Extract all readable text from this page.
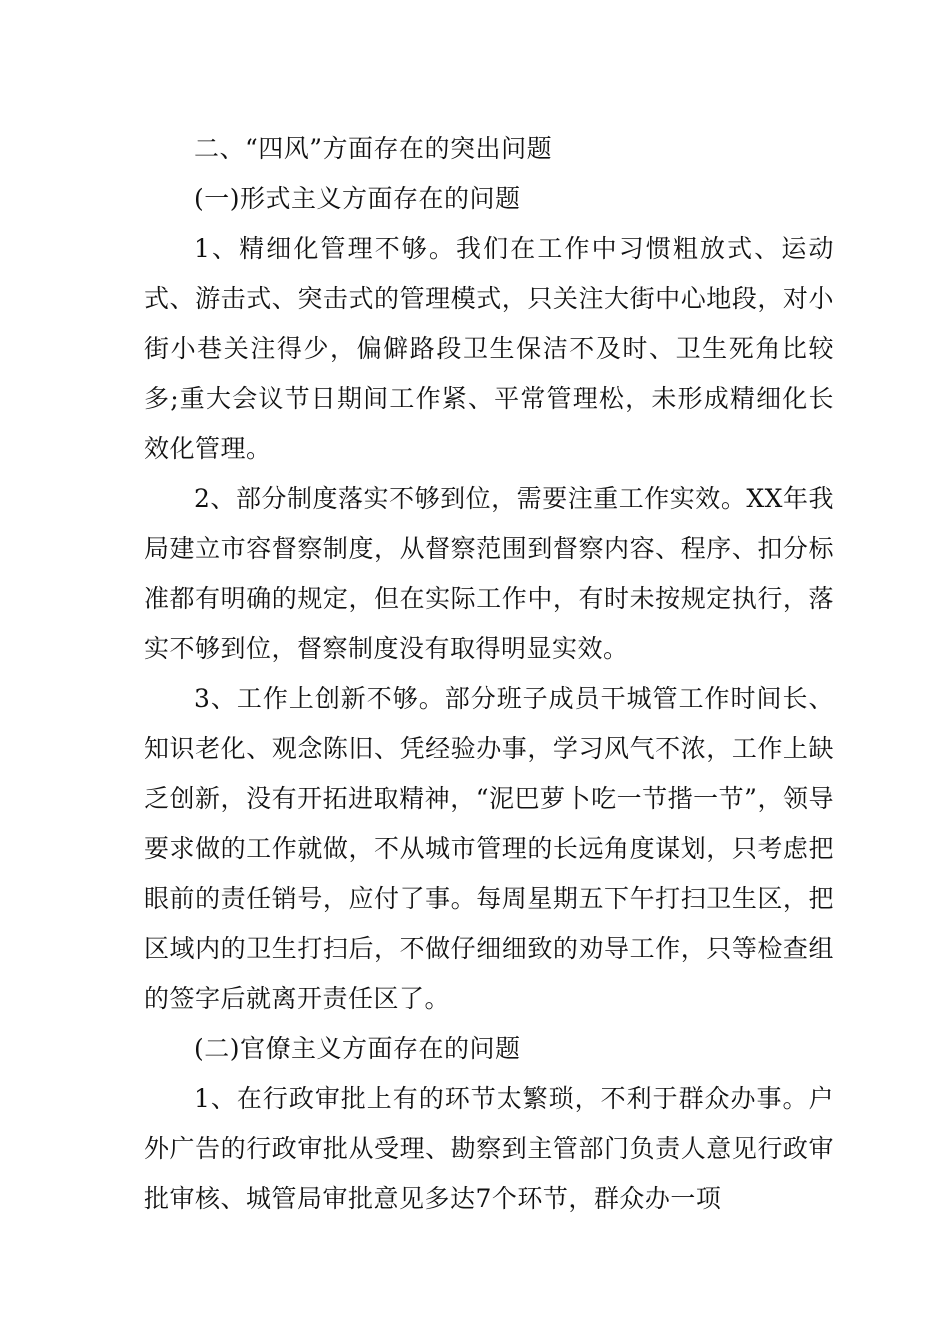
二、“四风”方面存在的突出问题

(一)形式主义方面存在的问题

1、精细化管理不够。我们在工作中习惯粗放式、运动式、游击式、突击式的管理模式，只关注大街中心地段，对小街小巷关注得少，偏僻路段卫生保洁不及时、卫生死角比较多;重大会议节日期间工作紧、平常管理松，未形成精细化长效化管理。

2、部分制度落实不够到位，需要注重工作实效。XX年我局建立市容督察制度，从督察范围到督察内容、程序、扣分标准都有明确的规定，但在实际工作中，有时未按规定执行，落实不够到位，督察制度没有取得明显实效。

3、工作上创新不够。部分班子成员干城管工作时间长、知识老化、观念陈旧、凭经验办事，学习风气不浓，工作上缺乏创新，没有开拓进取精神，“泥巴萝卜吃一节揩一节”，领导要求做的工作就做，不从城市管理的长远角度谋划，只考虑把眼前的责任销号，应付了事。每周星期五下午打扫卫生区，把区域内的卫生打扫后，不做仔细细致的劝导工作，只等检查组的签字后就离开责任区了。

(二)官僚主义方面存在的问题

1、在行政审批上有的环节太繁琐，不利于群众办事。户外广告的行政审批从受理、勘察到主管部门负责人意见行政审批审核、城管局审批意见多达7个环节，群众办一项
